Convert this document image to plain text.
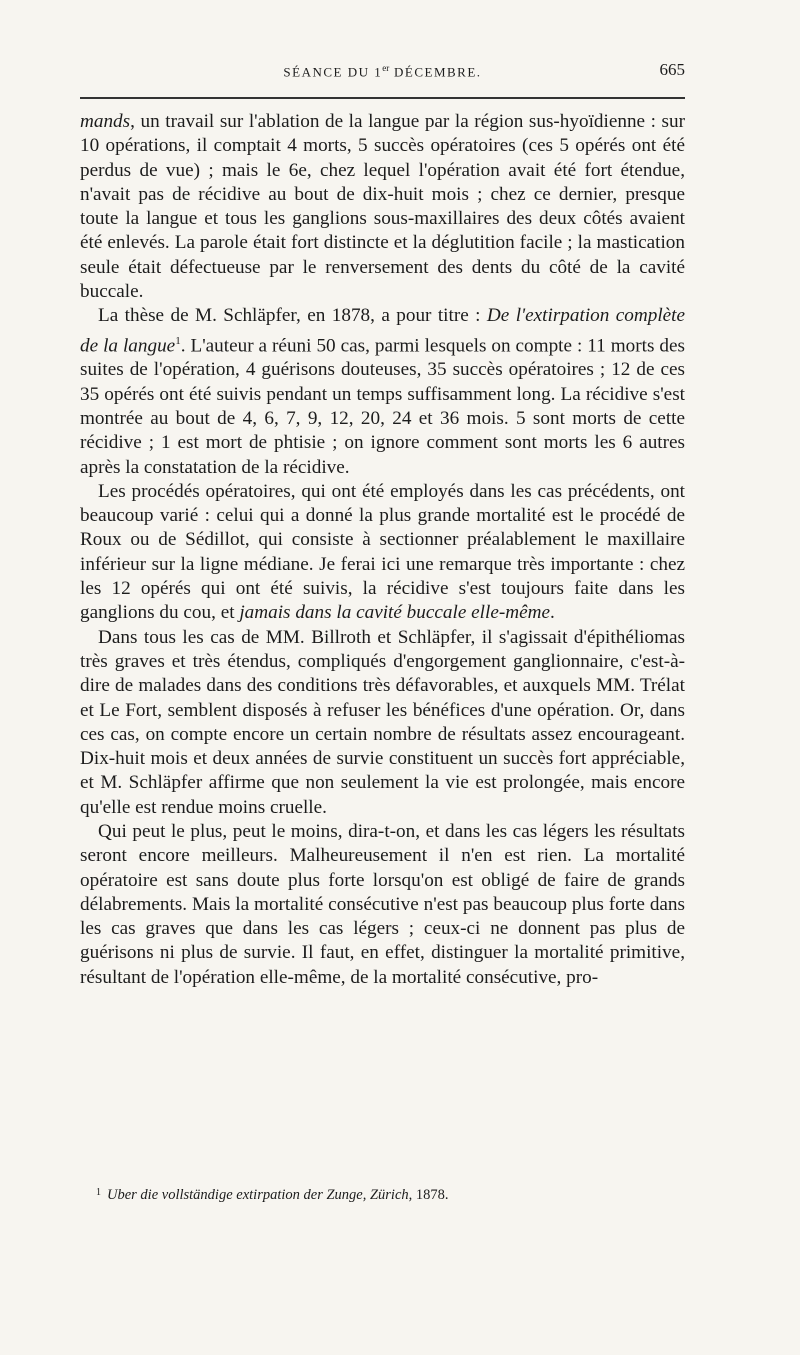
SÉANCE DU 1er DÉCEMBRE.	665

mands, un travail sur l'ablation de la langue par la région sus-hyoïdienne : sur 10 opérations, il comptait 4 morts, 5 succès opératoires (ces 5 opérés ont été perdus de vue) ; mais le 6e, chez lequel l'opération avait été fort étendue, n'avait pas de récidive au bout de dix-huit mois ; chez ce dernier, presque toute la langue et tous les ganglions sous-maxillaires des deux côtés avaient été enlevés. La parole était fort distincte et la déglutition facile ; la mastication seule était défectueuse par le renversement des dents du côté de la cavité buccale.

La thèse de M. Schläpfer, en 1878, a pour titre : De l'extirpation complète de la langue$^1$. L'auteur a réuni 50 cas, parmi lesquels on compte : 11 morts des suites de l'opération, 4 guérisons douteuses, 35 succès opératoires ; 12 de ces 35 opérés ont été suivis pendant un temps suffisamment long. La récidive s'est montrée au bout de 4, 6, 7, 9, 12, 20, 24 et 36 mois. 5 sont morts de cette récidive ; 1 est mort de phtisie ; on ignore comment sont morts les 6 autres après la constatation de la récidive.

Les procédés opératoires, qui ont été employés dans les cas précédents, ont beaucoup varié : celui qui a donné la plus grande mortalité est le procédé de Roux ou de Sédillot, qui consiste à sectionner préalablement le maxillaire inférieur sur la ligne médiane. Je ferai ici une remarque très importante : chez les 12 opérés qui ont été suivis, la récidive s'est toujours faite dans les ganglions du cou, et jamais dans la cavité buccale elle-même.

Dans tous les cas de MM. Billroth et Schläpfer, il s'agissait d'épithéliomas très graves et très étendus, compliqués d'engorgement ganglionnaire, c'est-à-dire de malades dans des conditions très défavorables, et auxquels MM. Trélat et Le Fort, semblent disposés à refuser les bénéfices d'une opération. Or, dans ces cas, on compte encore un certain nombre de résultats assez encourageant. Dix-huit mois et deux années de survie constituent un succès fort appréciable, et M. Schläpfer affirme que non seulement la vie est prolongée, mais encore qu'elle est rendue moins cruelle.

Qui peut le plus, peut le moins, dira-t-on, et dans les cas légers les résultats seront encore meilleurs. Malheureusement il n'en est rien. La mortalité opératoire est sans doute plus forte lorsqu'on est obligé de faire de grands délabrements. Mais la mortalité consécutive n'est pas beaucoup plus forte dans les cas graves que dans les cas légers ; ceux-ci ne donnent pas plus de guérisons ni plus de survie. Il faut, en effet, distinguer la mortalité primitive, résultant de l'opération elle-même, de la mortalité consécutive, pro-

$^1$ Uber die vollständige extirpation der Zunge, Zürich, 1878.
